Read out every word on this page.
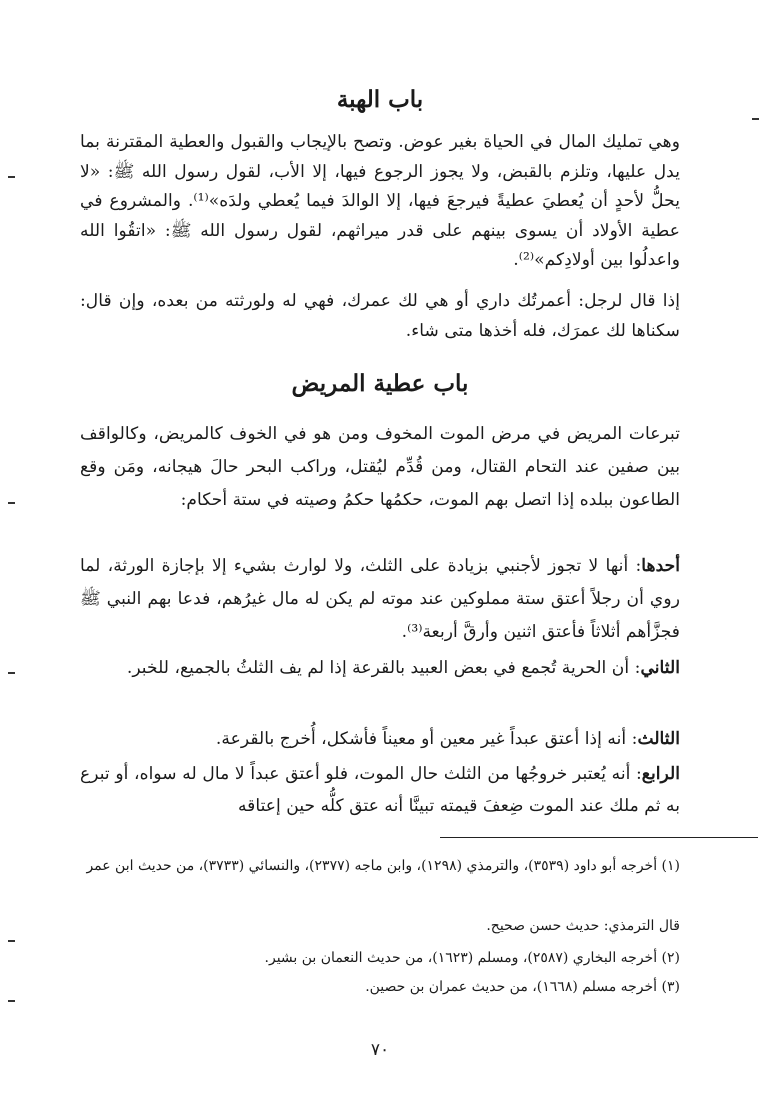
باب الهبة
وهي تمليك المال في الحياة بغير عوض. وتصح بالإيجاب والقبول والعطية المقترنة بما يدل عليها، وتلزم بالقبض، ولا يجوز الرجوع فيها، إلا الأب، لقول رسول الله ﷺ: «لا يحلُّ لأحدٍ أن يُعطيَ عطيةً فيرجعَ فيها، إلا الوالدَ فيما يُعطي ولدَه»⁽¹⁾. والمشروع في عطية الأولاد أن يسوى بينهم على قدر ميراثهم، لقول رسول الله ﷺ: «اتقُوا الله واعدلُوا بين أولادِكم»⁽²⁾.
إذا قال لرجل: أعمرتُك داري أو هي لك عمرك، فهي له ولورثته من بعده، وإن قال: سكناها لك عمرَك، فله أخذها متى شاء.
باب عطية المريض
تبرعات المريض في مرض الموت المخوف ومن هو في الخوف كالمريض، وكالواقف بين صفين عند التحام القتال، ومن قُدِّم ليُقتل، وراكب البحر حالَ هيجانه، ومَن وقع الطاعون ببلده إذا اتصل بهم الموت، حكمُها حكمُ وصيته في ستة أحكام:
أحدها: أنها لا تجوز لأجنبي بزيادة على الثلث، ولا لوارث بشيء إلا بإجازة الورثة، لما روي أن رجلاً أعتق ستة مملوكين عند موته لم يكن له مال غيرُهم، فدعا بهم النبي ﷺ فجزَّأهم أثلاثاً فأعتق اثنين وأرقَّ أربعة⁽³⁾.
الثاني: أن الحرية تُجمع في بعض العبيد بالقرعة إذا لم يف الثلثُ بالجميع، للخبر.
الثالث: أنه إذا أعتق عبداً غير معين أو معيناً فأشكل، أُخرج بالقرعة.
الرابع: أنه يُعتبر خروجُها من الثلث حال الموت، فلو أعتق عبداً لا مال له سواه، أو تبرع به ثم ملك عند الموت ضِعفَ قيمته تبينَّا أنه عتق كلُّه حين إعتاقه
(١) أخرجه أبو داود (٣٥٣٩)، والترمذي (١٢٩٨)، وابن ماجه (٢٣٧٧)، والنسائي (٣٧٣٣)، من حديث ابن عمر
قال الترمذي: حديث حسن صحيح.
(٢) أخرجه البخاري (٢٥٨٧)، ومسلم (١٦٢٣)، من حديث النعمان بن بشير.
(٣) أخرجه مسلم (١٦٦٨)، من حديث عمران بن حصين.
٧٠
